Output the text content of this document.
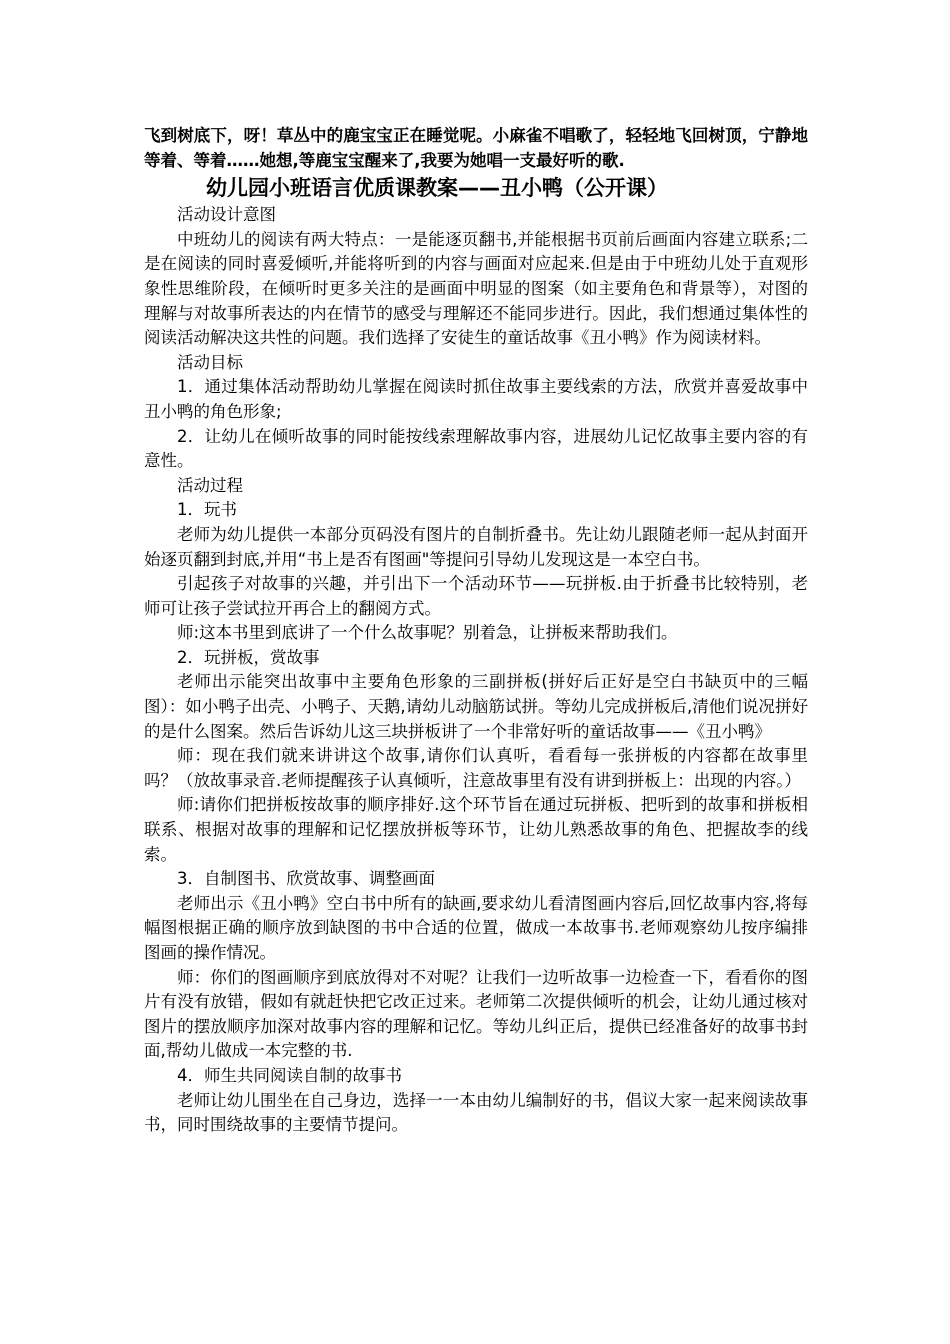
飞到树底下，呀！草丛中的鹿宝宝正在睡觉呢。小麻雀不唱歌了，轻轻地飞回树顶，宁静地等着、等着……她想,等鹿宝宝醒来了,我要为她唱一支最好听的歌.

幼儿园小班语言优质课教案——丑小鸭（公开课）

活动设计意图

中班幼儿的阅读有两大特点：一是能逐页翻书,并能根据书页前后画面内容建立联系;二是在阅读的同时喜爱倾听,并能将听到的内容与画面对应起来.但是由于中班幼儿处于直观形象性思维阶段，在倾听时更多关注的是画面中明显的图案（如主要角色和背景等），对图的理解与对故事所表达的内在情节的感受与理解还不能同步进行。因此，我们想通过集体性的阅读活动解决这共性的问题。我们选择了安徒生的童话故事《丑小鸭》作为阅读材料。

活动目标

1．通过集体活动帮助幼儿掌握在阅读时抓住故事主要线索的方法，欣赏并喜爱故事中丑小鸭的角色形象;

2．让幼儿在倾听故事的同时能按线索理解故事内容，进展幼儿记忆故事主要内容的有意性。

活动过程

1．玩书

老师为幼儿提供一本部分页码没有图片的自制折叠书。先让幼儿跟随老师一起从封面开始逐页翻到封底,并用“书上是否有图画"等提问引导幼儿发现这是一本空白书。

引起孩子对故事的兴趣，并引出下一个活动环节——玩拼板.由于折叠书比较特别，老师可让孩子尝试拉开再合上的翻阅方式。

师:这本书里到底讲了一个什么故事呢？别着急，让拼板来帮助我们。

2．玩拼板，赏故事

老师出示能突出故事中主要角色形象的三副拼板(拼好后正好是空白书缺页中的三幅图）：如小鸭子出壳、小鸭子、天鹅,请幼儿动脑筋试拼。等幼儿完成拼板后,清他们说况拼好的是什么图案。然后告诉幼儿这三块拼板讲了一个非常好听的童话故事——《丑小鸭》

师：现在我们就来讲讲这个故事,请你们认真听，看看每一张拼板的内容都在故事里吗？（放故事录音.老师提醒孩子认真倾听，注意故事里有没有讲到拼板上：出现的内容。）

师:请你们把拼板按故事的顺序排好.这个环节旨在通过玩拼板、把听到的故事和拼板相联系、根据对故事的理解和记忆摆放拼板等环节，让幼儿熟悉故事的角色、把握故李的线索。

3．自制图书、欣赏故事、调整画面

老师出示《丑小鸭》空白书中所有的缺画,要求幼儿看清图画内容后,回忆故事内容,将每幅图根据正确的顺序放到缺图的书中合适的位置，做成一本故事书.老师观察幼儿按序编排图画的操作情况。

师：你们的图画顺序到底放得对不对呢？让我们一边听故事一边检查一下，看看你的图片有没有放错，假如有就赶快把它改正过来。老师第二次提供倾听的机会，让幼儿通过核对图片的摆放顺序加深对故事内容的理解和记忆。等幼儿纠正后，提供已经准备好的故事书封面,帮幼儿做成一本完整的书.

4．师生共同阅读自制的故事书

老师让幼儿围坐在自己身边，选择一一本由幼儿编制好的书，倡议大家一起来阅读故事书，同时围绕故事的主要情节提问。
